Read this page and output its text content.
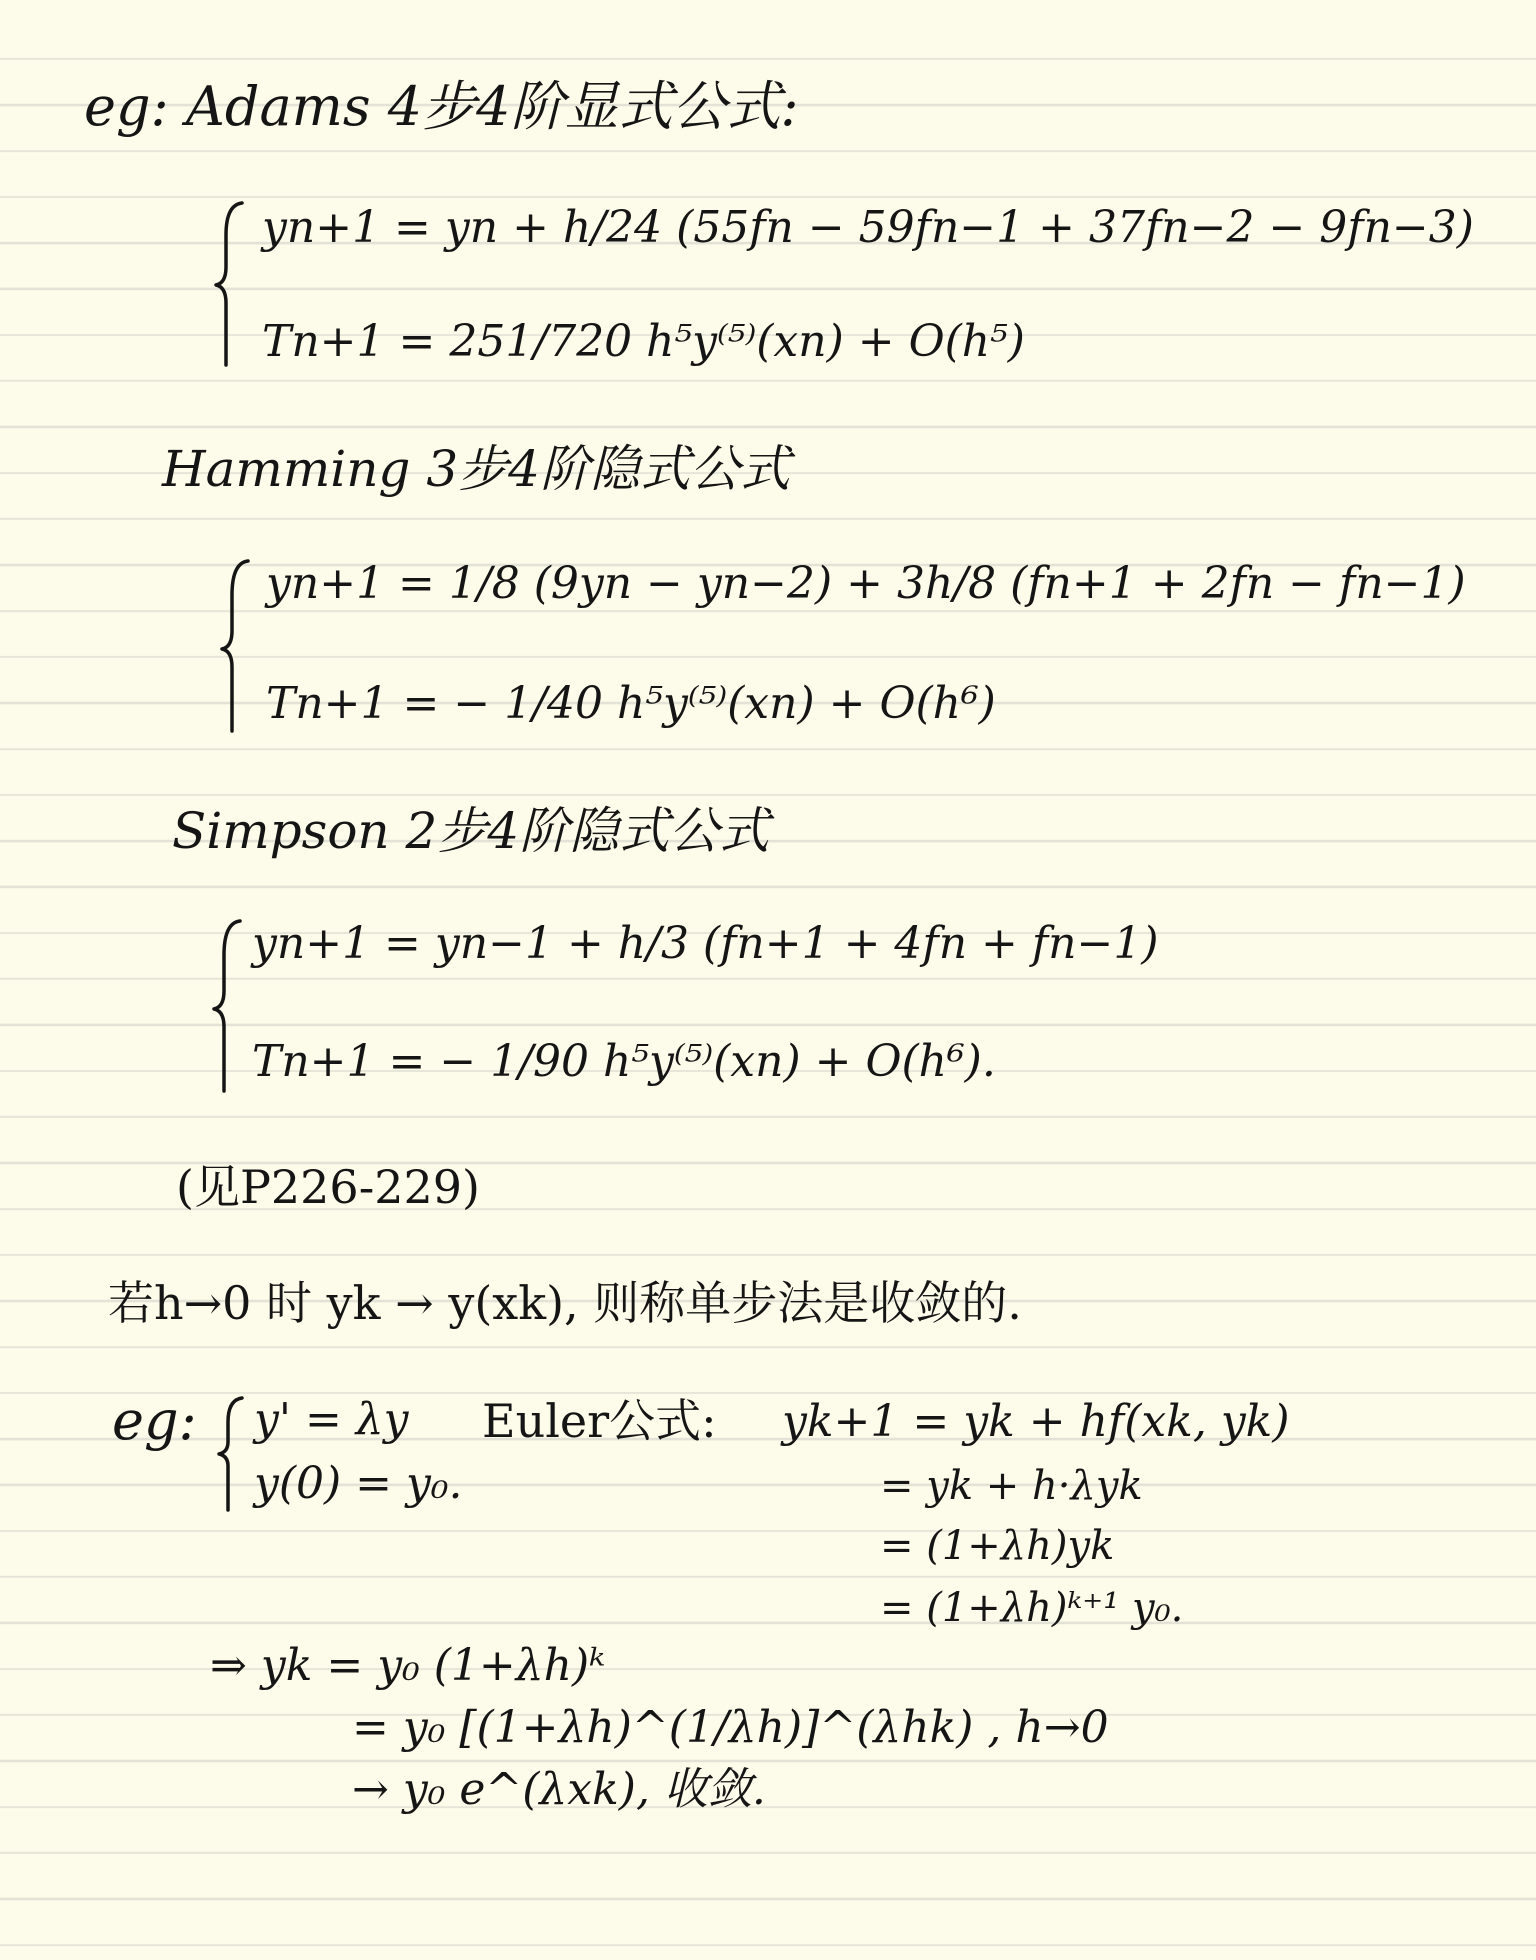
eg: Adams 4步4阶显式公式:
yn+1 = yn + h/24 (55fn − 59fn−1 + 37fn−2 − 9fn−3)
Tn+1 = 251/720 h⁵y⁽⁵⁾(xn) + O(h⁵)
Hamming 3步4阶隐式公式
yn+1 = 1/8 (9yn − yn−2) + 3h/8 (fn+1 + 2fn − fn−1)
Tn+1 = − 1/40 h⁵y⁽⁵⁾(xn) + O(h⁶)
Simpson 2步4阶隐式公式
yn+1 = yn−1 + h/3 (fn+1 + 4fn + fn−1)
Tn+1 = − 1/90 h⁵y⁽⁵⁾(xn) + O(h⁶).
(见P226-229)
若h→0 时 yk → y(xk), 则称单步法是收敛的.
eg: y' = λy
y(0) = y₀.
Euler公式: yk+1 = yk + hf(xk, yk)
= yk + h·λyk
= (1+λh)yk
= (1+λh)ᵏ⁺¹ y₀.
⇒ yk = y₀ (1+λh)ᵏ
= y₀ [(1+λh)^(1/λh)]^(λhk) , h→0
→ y₀ e^(λxk), 收敛.
